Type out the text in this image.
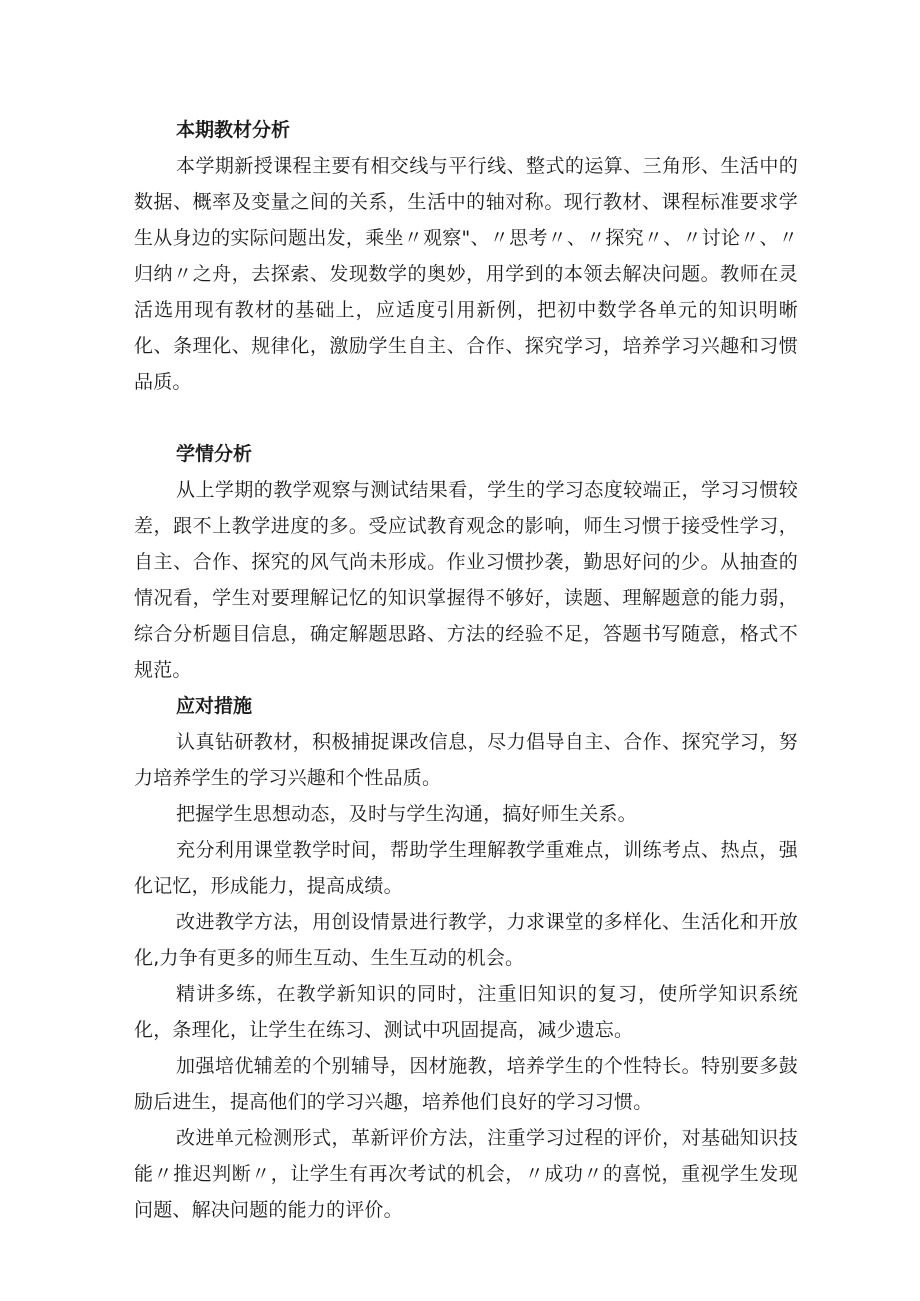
本期教材分析

本学期新授课程主要有相交线与平行线、整式的运算、三角形、生活中的数据、概率及变量之间的关系，生活中的轴对称。现行教材、课程标准要求学生从身边的实际问题出发，乘坐〃观察"、〃思考〃、〃探究〃、〃讨论〃、〃归纳〃之舟，去探索、发现数学的奥妙，用学到的本领去解决问题。教师在灵活选用现有教材的基础上，应适度引用新例，把初中数学各单元的知识明晰化、条理化、规律化，激励学生自主、合作、探究学习，培养学习兴趣和习惯品质。

学情分析

从上学期的教学观察与测试结果看，学生的学习态度较端正，学习习惯较差，跟不上教学进度的多。受应试教育观念的影响，师生习惯于接受性学习，自主、合作、探究的风气尚未形成。作业习惯抄袭，勤思好问的少。从抽查的情况看，学生对要理解记忆的知识掌握得不够好，读题、理解题意的能力弱，综合分析题目信息，确定解题思路、方法的经验不足，答题书写随意，格式不规范。

应对措施

认真钻研教材，积极捕捉课改信息，尽力倡导自主、合作、探究学习，努力培养学生的学习兴趣和个性品质。

把握学生思想动态，及时与学生沟通，搞好师生关系。

充分利用课堂教学时间，帮助学生理解教学重难点，训练考点、热点，强化记忆，形成能力，提高成绩。

改进教学方法，用创设情景进行教学，力求课堂的多样化、生活化和开放化,力争有更多的师生互动、生生互动的机会。

精讲多练，在教学新知识的同时，注重旧知识的复习，使所学知识系统化，条理化，让学生在练习、测试中巩固提高，减少遗忘。

加强培优辅差的个别辅导，因材施教，培养学生的个性特长。特别要多鼓励后进生，提高他们的学习兴趣，培养他们良好的学习习惯。

改进单元检测形式，革新评价方法，注重学习过程的评价，对基础知识技能〃推迟判断〃，让学生有再次考试的机会，〃成功〃的喜悦，重视学生发现问题、解决问题的能力的评价。
